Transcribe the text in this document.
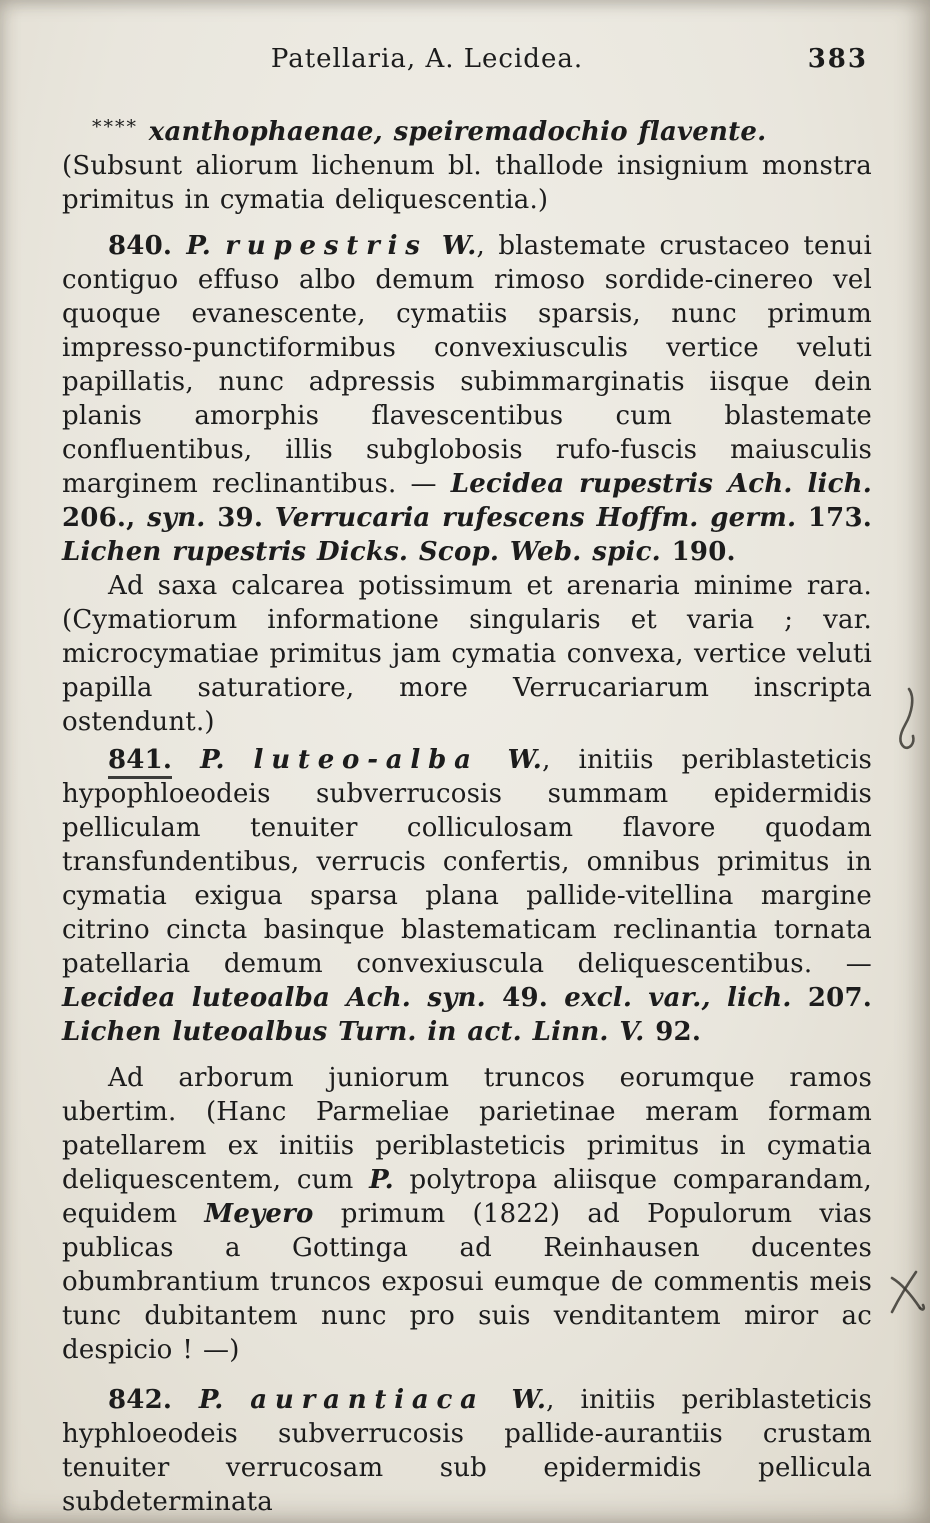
Patellaria, A. Lecidea.	383

**** xanthophaenae, speiremadochio flavente.

(Subsunt aliorum lichenum bl. thallode insignium monstra primitus in cymatia deliquescentia.)

840. P. rupestris W., blastemate crustaceo tenui contiguo effuso albo demum rimoso sordide-cinereo vel quoque evanescente, cymatiis sparsis, nunc primum impresso-punctiformibus convexiusculis vertice veluti papillatis, nunc adpressis subimmarginatis iisque dein planis amorphis flavescentibus cum blastemate confluentibus, illis subglobosis rufo-fuscis maiusculis marginem reclinantibus. — Lecidea rupestris Ach. lich. 206., syn. 39. Verrucaria rufescens Hoffm. germ. 173. Lichen rupestris Dicks. Scop. Web. spic. 190.

Ad saxa calcarea potissimum et arenaria minime rara. (Cymatiorum informatione singularis et varia ; var. microcymatiae primitus jam cymatia convexa, vertice veluti papilla saturatiore, more Verrucariarum inscripta ostendunt.)

841. P. luteo-alba W., initiis periblasteticis hypophloeodeis subverrucosis summam epidermidis pelliculam tenuiter colliculosam flavore quodam transfundentibus, verrucis confertis, omnibus primitus in cymatia exigua sparsa plana pallide-vitellina margine citrino cincta basinque blastematicam reclinantia tornata patellaria demum convexiuscula deliquescentibus. — Lecidea luteoalba Ach. syn. 49. excl. var., lich. 207. Lichen luteoalbus Turn. in act. Linn. V. 92.

Ad arborum juniorum truncos eorumque ramos ubertim. (Hanc Parmeliae parietinae meram formam patellarem ex initiis periblasteticis primitus in cymatia deliquescentem, cum P. polytropa aliisque comparandam, equidem Meyero primum (1822) ad Populorum vias publicas a Gottinga ad Reinhausen ducentes obumbrantium truncos exposui eumque de commentis meis tunc dubitantem nunc pro suis venditantem miror ac despicio ! —)

842. P. aurantiaca W., initiis periblasteticis hyphloeodeis subverrucosis pallide-aurantiis crustam tenuiter verrucosam sub epidermidis pellicula subdeterminata
